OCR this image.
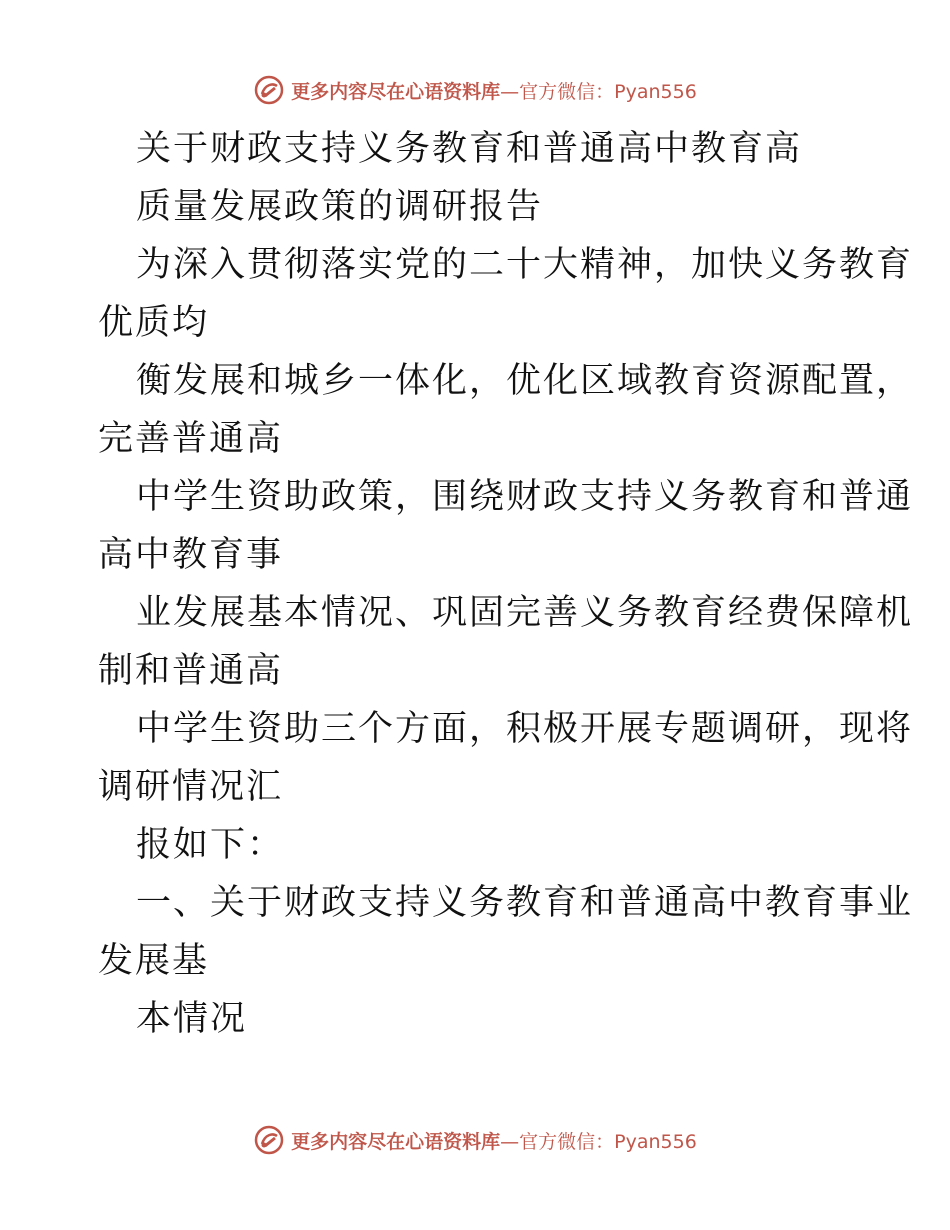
更多内容尽在心语资料库 —官方微信：Pyan556
关于财政支持义务教育和普通高中教育高
质量发展政策的调研报告
为深入贯彻落实党的二十大精神，加快义务教育
优质均
衡发展和城乡一体化，优化区域教育资源配置，
完善普通高
中学生资助政策，围绕财政支持义务教育和普通
高中教育事
业发展基本情况、巩固完善义务教育经费保障机
制和普通高
中学生资助三个方面，积极开展专题调研，现将
调研情况汇
报如下：
一、关于财政支持义务教育和普通高中教育事业
发展基
本情况
更多内容尽在心语资料库 —官方微信：Pyan556
